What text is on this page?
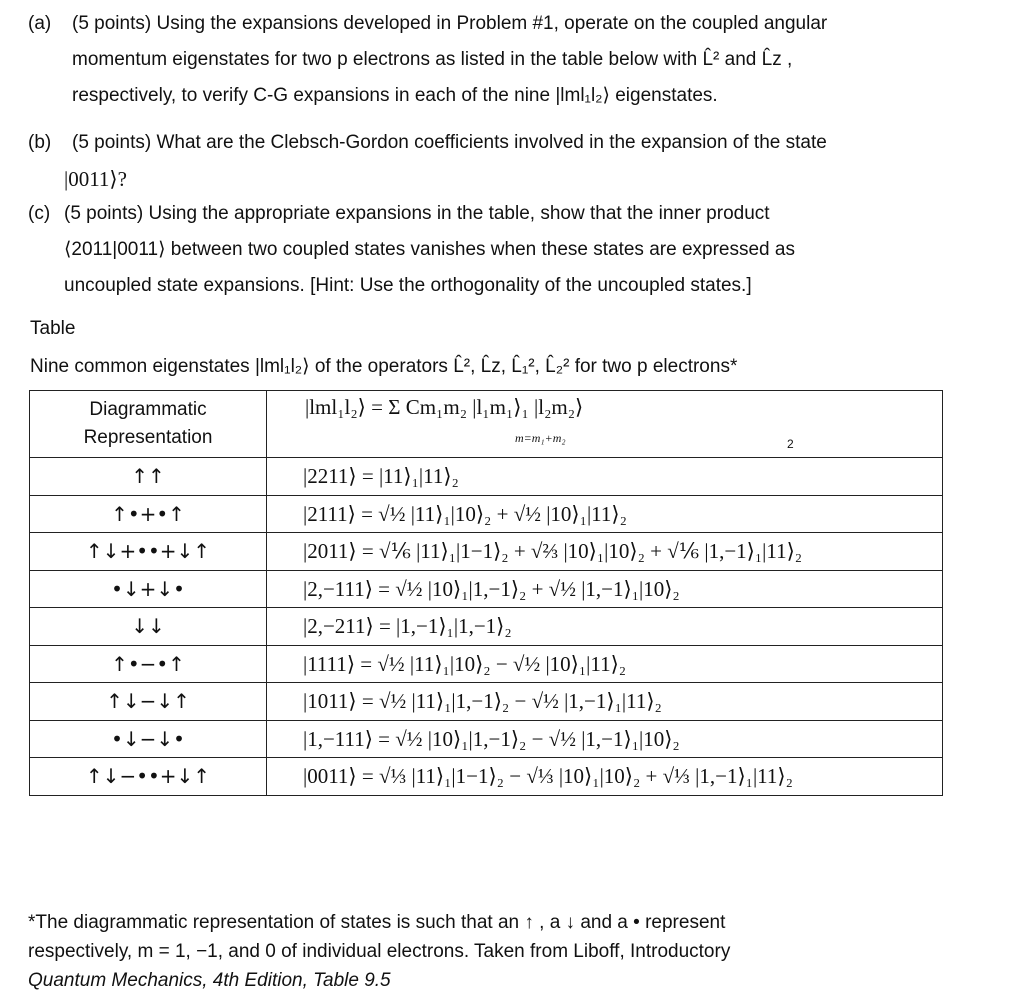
(a) (5 points) Using the expansions developed in Problem #1, operate on the coupled angular
momentum eigenstates for two p electrons as listed in the table below with L̂² and L̂z ,
respectively, to verify C-G expansions in each of the nine |lml₁l₂⟩ eigenstates.
(b) (5 points) What are the Clebsch-Gordon coefficients involved in the expansion of the state
|0011⟩?
(c) (5 points) Using the appropriate expansions in the table, show that the inner product
⟨2011|0011⟩ between two coupled states vanishes when these states are expressed as
uncoupled state expansions. [Hint: Use the orthogonality of the uncoupled states.]
Table
Nine common eigenstates |lml₁l₂⟩ of the operators L̂², L̂z, L̂₁², L̂₂² for two p electrons*
Diagrammatic Representation	|lml₁l₂⟩ = Σ Cm₁m₂ |l₁m₁⟩₁ |l₂m₂⟩
m=m₁+m₂ 2

↑↑	|2211⟩ = |11⟩₁|11⟩₂
↑•+•↑	|2111⟩ = √½ |11⟩₁|10⟩₂ + √½ |10⟩₁|11⟩₂
↑↓+••+↓↑	|2011⟩ = √⅙ |11⟩₁|1−1⟩₂ + √⅔ |10⟩₁|10⟩₂ + √⅙ |1,−1⟩₁|11⟩₂
•↓+↓•	|2,−111⟩ = √½ |10⟩₁|1,−1⟩₂ + √½ |1,−1⟩₁|10⟩₂
↓↓	|2,−211⟩ = |1,−1⟩₁|1,−1⟩₂
↑•−•↑	|1111⟩ = √½ |11⟩₁|10⟩₂ − √½ |10⟩₁|11⟩₂
↑↓−↓↑	|1011⟩ = √½ |11⟩₁|1,−1⟩₂ − √½ |1,−1⟩₁|11⟩₂
•↓−↓•	|1,−111⟩ = √½ |10⟩₁|1,−1⟩₂ − √½ |1,−1⟩₁|10⟩₂
↑↓−••+↓↑	|0011⟩ = √⅓ |11⟩₁|1−1⟩₂ − √⅓ |10⟩₁|10⟩₂ + √⅓ |1,−1⟩₁|11⟩₂
*The diagrammatic representation of states is such that an ↑ , a ↓ and a • represent
respectively, m = 1, −1, and 0 of individual electrons. Taken from Liboff, Introductory
Quantum Mechanics, 4th Edition, Table 9.5
